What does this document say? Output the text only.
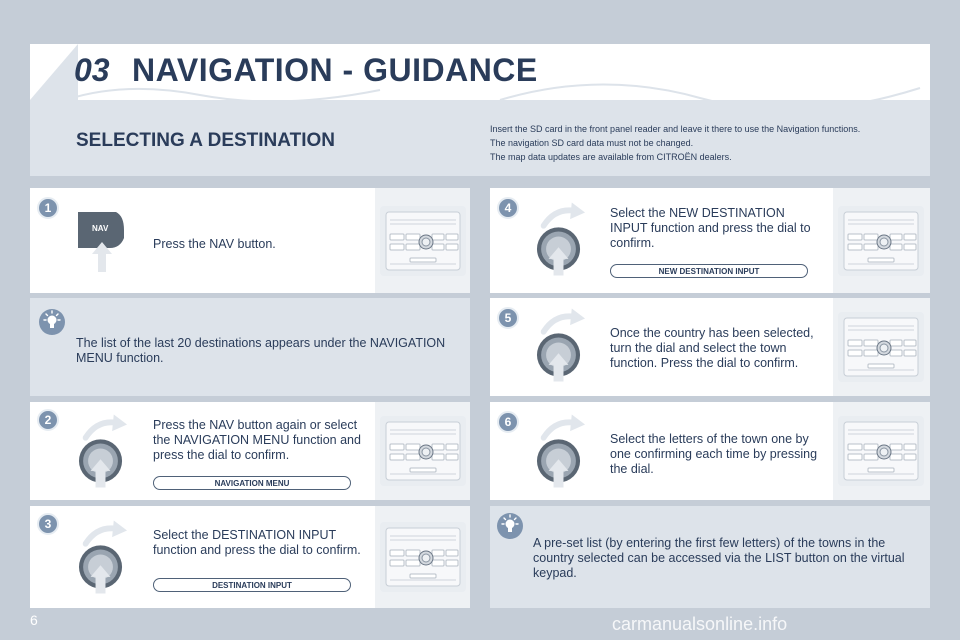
03 NAVIGATION - GUIDANCE
SELECTING A DESTINATION
Insert the SD card in the front panel reader and leave it there to use the Navigation functions.
The navigation SD card data must not be changed.
The map data updates are available from CITROËN dealers.
1
NAV
Press the NAV button.
The list of the last 20 destinations appears under the NAVIGATION MENU function.
2	Press the NAV button again or select the NAVIGATION MENU function and press the dial to confirm.
NAVIGATION MENU
3
Select the DESTINATION INPUT function and press the dial to confirm.
DESTINATION INPUT
4	Select the NEW DESTINATION INPUT function and press the dial to confirm.
NEW DESTINATION INPUT
5
Once the country has been selected, turn the dial and select the town function. Press the dial to confirm.
6
Select the letters of the town one by one confirming each time by pressing the dial.
A pre-set list (by entering the first few letters) of the towns in the country selected can be accessed via the LIST button on the virtual keypad.
6	carmanualsonline.info
